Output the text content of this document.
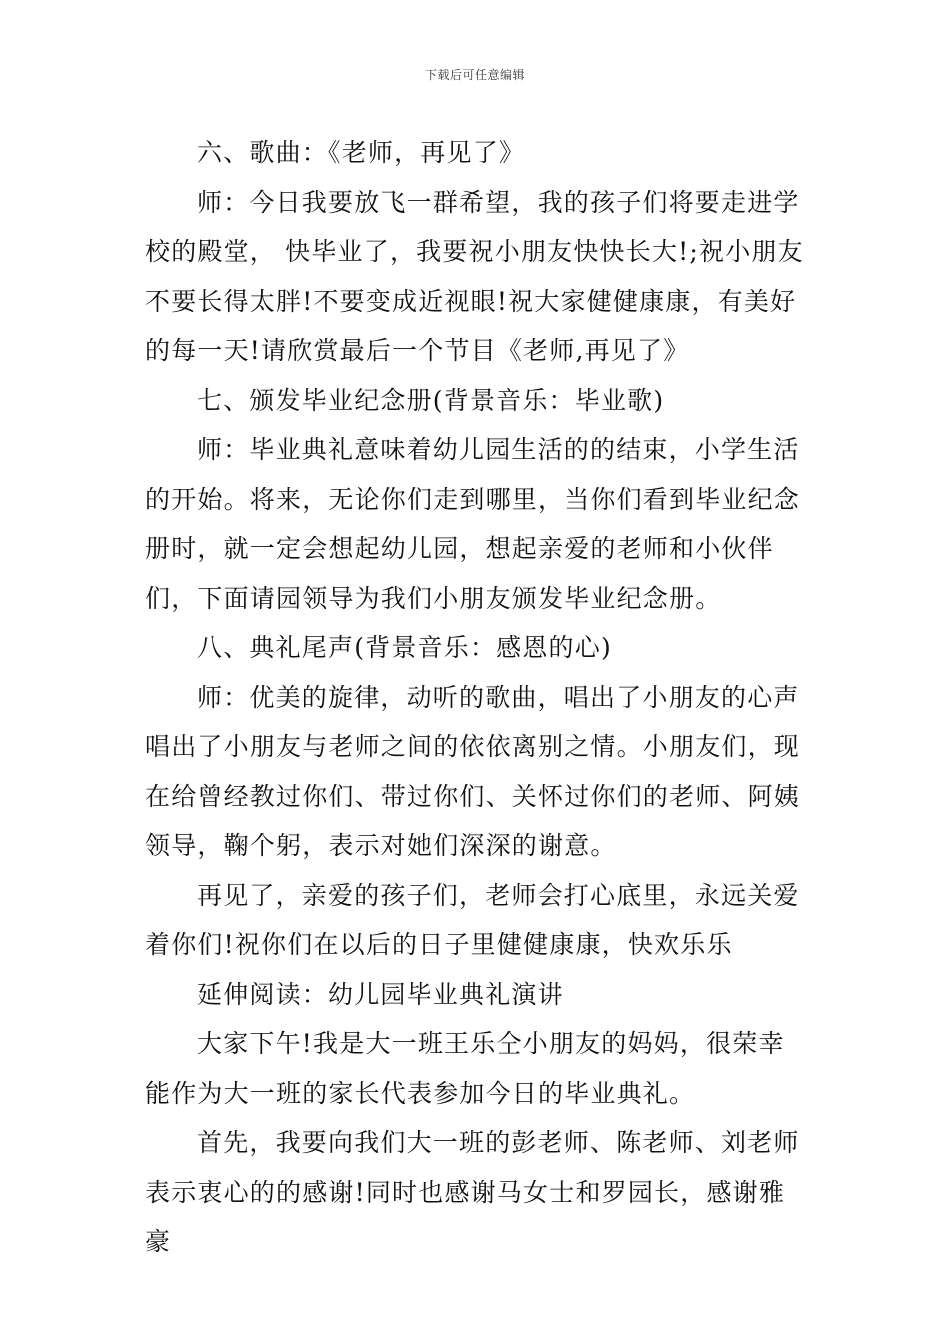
下载后可任意编辑

六、歌曲：《老师，再见了》

师：今日我要放飞一群希望，我的孩子们将要走进学校的殿堂， 快毕业了，我要祝小朋友快快长大!;祝小朋友不要长得太胖!不要变成近视眼!祝大家健健康康，有美好的每一天!请欣赏最后一个节目《老师,再见了》

七、颁发毕业纪念册(背景音乐：毕业歌)

师：毕业典礼意味着幼儿园生活的的结束，小学生活的开始。将来，无论你们走到哪里，当你们看到毕业纪念册时，就一定会想起幼儿园，想起亲爱的老师和小伙伴们，下面请园领导为我们小朋友颁发毕业纪念册。

八、典礼尾声(背景音乐：感恩的心)

师：优美的旋律，动听的歌曲，唱出了小朋友的心声唱出了小朋友与老师之间的依依离别之情。小朋友们，现在给曾经教过你们、带过你们、关怀过你们的老师、阿姨领导，鞠个躬，表示对她们深深的谢意。

再见了，亲爱的孩子们，老师会打心底里，永远关爱着你们!祝你们在以后的日子里健健康康，快欢乐乐

延伸阅读：幼儿园毕业典礼演讲

大家下午!我是大一班王乐仝小朋友的妈妈，很荣幸能作为大一班的家长代表参加今日的毕业典礼。

首先，我要向我们大一班的彭老师、陈老师、刘老师表示衷心的的感谢!同时也感谢马女士和罗园长，感谢雅豪
